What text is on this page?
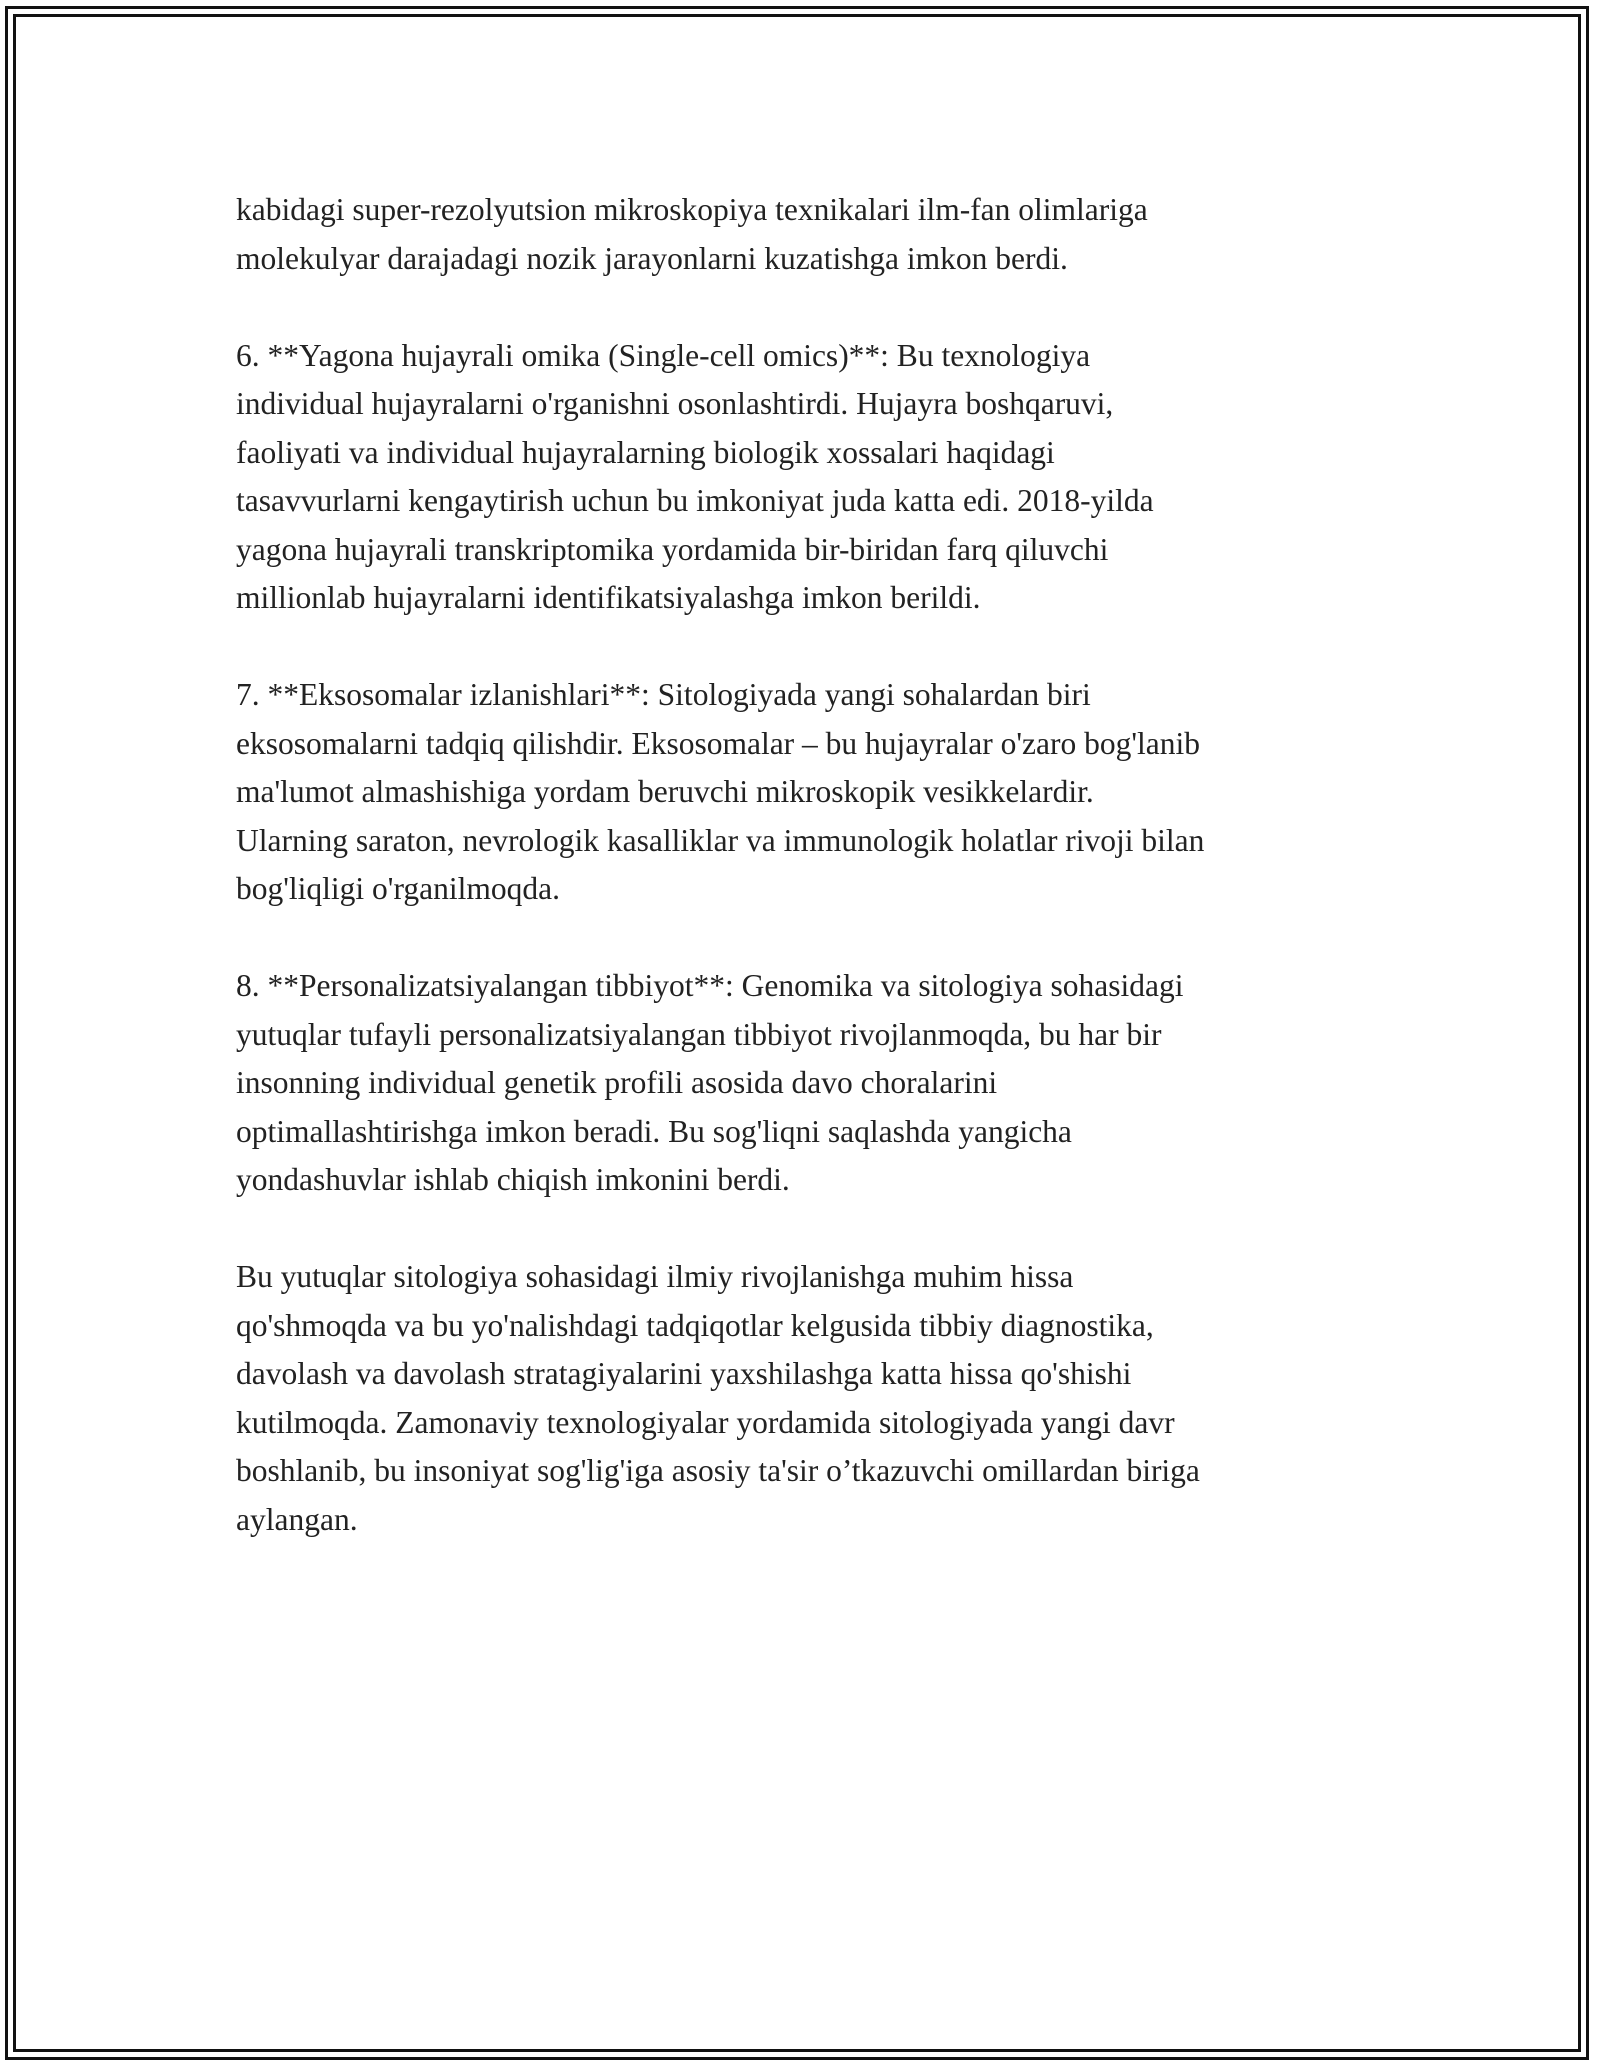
kabidagi super-rezolyutsion mikroskopiya texnikalari ilm-fan olimlariga
molekulyar darajadagi nozik jarayonlarni kuzatishga imkon berdi.
6. **Yagona hujayrali omika (Single-cell omics)**: Bu texnologiya
individual hujayralarni o'rganishni osonlashtirdi. Hujayra boshqaruvi,
faoliyati va individual hujayralarning biologik xossalari haqidagi
tasavvurlarni kengaytirish uchun bu imkoniyat juda katta edi. 2018-yilda
yagona hujayrali transkriptomika yordamida bir-biridan farq qiluvchi
millionlab hujayralarni identifikatsiyalashga imkon berildi.
7. **Eksosomalar izlanishlari**: Sitologiyada yangi sohalardan biri
eksosomalarni tadqiq qilishdir. Eksosomalar – bu hujayralar o'zaro bog'lanib
ma'lumot almashishiga yordam beruvchi mikroskopik vesikkelardir.
Ularning saraton, nevrologik kasalliklar va immunologik holatlar rivoji bilan
bog'liqligi o'rganilmoqda.
8. **Personalizatsiyalangan tibbiyot**: Genomika va sitologiya sohasidagi
yutuqlar tufayli personalizatsiyalangan tibbiyot rivojlanmoqda, bu har bir
insonning individual genetik profili asosida davo choralarini
optimallashtirishga imkon beradi. Bu sog'liqni saqlashda yangicha
yondashuvlar ishlab chiqish imkonini berdi.
Bu yutuqlar sitologiya sohasidagi ilmiy rivojlanishga muhim hissa
qo'shmoqda va bu yo'nalishdagi tadqiqotlar kelgusida tibbiy diagnostika,
davolash va davolash stratagiyalarini yaxshilashga katta hissa qo'shishi
kutilmoqda. Zamonaviy texnologiyalar yordamida sitologiyada yangi davr
boshlanib, bu insoniyat sog'lig'iga asosiy ta'sir o’tkazuvchi omillardan biriga
aylangan.
